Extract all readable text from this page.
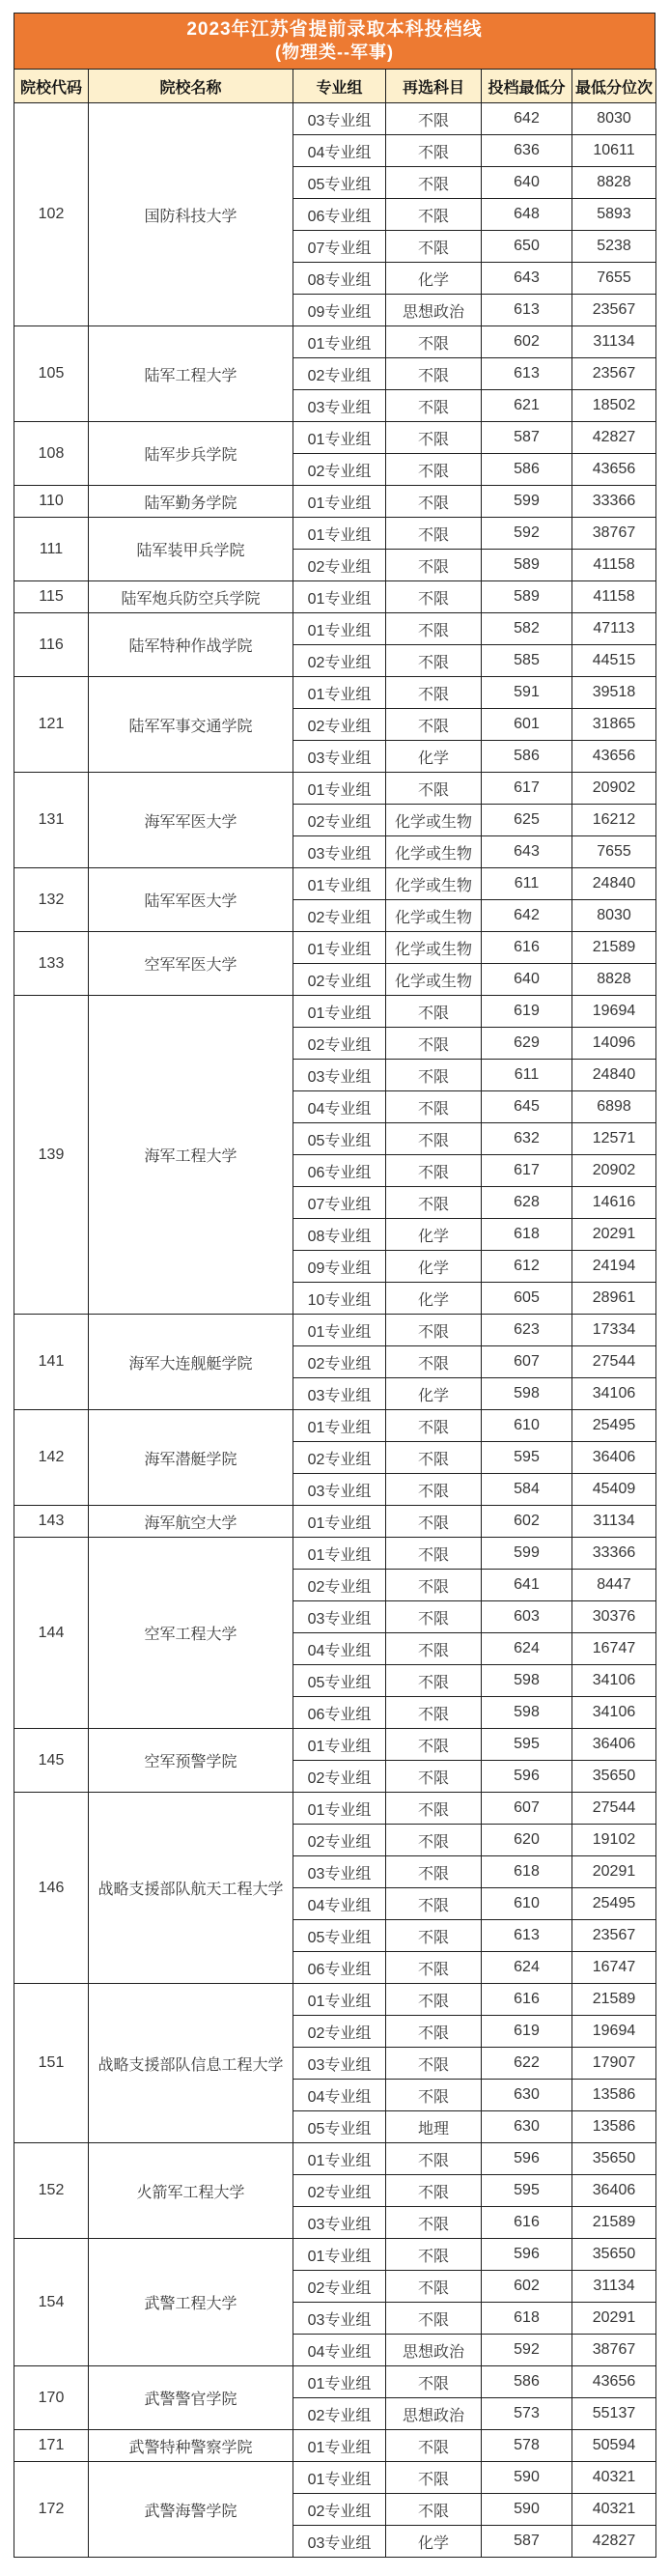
2023年江苏省提前录取本科投档线
(物理类--军事)
院校代码	院校名称	专业组	再选科目	投档最低分	最低分位次
102	国防科技大学	03专业组	不限	642	8030
		04专业组	不限	636	10611
		05专业组	不限	640	8828
		06专业组	不限	648	5893
		07专业组	不限	650	5238
		08专业组	化学	643	7655
		09专业组	思想政治	613	23567
105	陆军工程大学	01专业组	不限	602	31134
		02专业组	不限	613	23567
		03专业组	不限	621	18502
108	陆军步兵学院	01专业组	不限	587	42827
		02专业组	不限	586	43656
110	陆军勤务学院	01专业组	不限	599	33366
111	陆军装甲兵学院	01专业组	不限	592	38767
		02专业组	不限	589	41158
115	陆军炮兵防空兵学院	01专业组	不限	589	41158
116	陆军特种作战学院	01专业组	不限	582	47113
		02专业组	不限	585	44515
121	陆军军事交通学院	01专业组	不限	591	39518
		02专业组	不限	601	31865
		03专业组	化学	586	43656
131	海军军医大学	01专业组	不限	617	20902
		02专业组	化学或生物	625	16212
		03专业组	化学或生物	643	7655
132	陆军军医大学	01专业组	化学或生物	611	24840
		02专业组	化学或生物	642	8030
133	空军军医大学	01专业组	化学或生物	616	21589
		02专业组	化学或生物	640	8828
139	海军工程大学	01专业组	不限	619	19694
		02专业组	不限	629	14096
		03专业组	不限	611	24840
		04专业组	不限	645	6898
		05专业组	不限	632	12571
		06专业组	不限	617	20902
		07专业组	不限	628	14616
		08专业组	化学	618	20291
		09专业组	化学	612	24194
		10专业组	化学	605	28961
141	海军大连舰艇学院	01专业组	不限	623	17334
		02专业组	不限	607	27544
		03专业组	化学	598	34106
142	海军潜艇学院	01专业组	不限	610	25495
		02专业组	不限	595	36406
		03专业组	不限	584	45409
143	海军航空大学	01专业组	不限	602	31134
144	空军工程大学	01专业组	不限	599	33366
		02专业组	不限	641	8447
		03专业组	不限	603	30376
		04专业组	不限	624	16747
		05专业组	不限	598	34106
		06专业组	不限	598	34106
145	空军预警学院	01专业组	不限	595	36406
		02专业组	不限	596	35650
146	战略支援部队航天工程大学	01专业组	不限	607	27544
		02专业组	不限	620	19102
		03专业组	不限	618	20291
		04专业组	不限	610	25495
		05专业组	不限	613	23567
		06专业组	不限	624	16747
151	战略支援部队信息工程大学	01专业组	不限	616	21589
		02专业组	不限	619	19694
		03专业组	不限	622	17907
		04专业组	不限	630	13586
		05专业组	地理	630	13586
152	火箭军工程大学	01专业组	不限	596	35650
		02专业组	不限	595	36406
		03专业组	不限	616	21589
154	武警工程大学	01专业组	不限	596	35650
		02专业组	不限	602	31134
		03专业组	不限	618	20291
		04专业组	思想政治	592	38767
170	武警警官学院	01专业组	不限	586	43656
		02专业组	思想政治	573	55137
171	武警特种警察学院	01专业组	不限	578	50594
172	武警海警学院	01专业组	不限	590	40321
		02专业组	不限	590	40321
		03专业组	化学	587	42827
